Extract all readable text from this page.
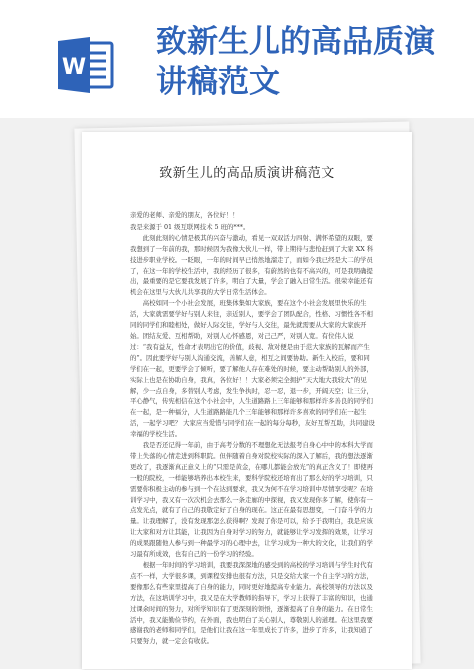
W
致新生儿的高品质演讲稿范文
致新生儿的高品质演讲稿范文

亲爱的老师、亲爱的朋友，各位好！！

我是来源于 01 级互联网技术 5 班的***。

此刻此刻的心情是极其的兴奋与激动，看见一双双活力四射、满怀希望的双眼，要我想到了一年前的我，那时候因为我像大伙儿一样，带上期待与悲怆赶到了大家 XX 科技进步职业学校。一眨眼，一年的时间早已悄然地溜走了，而如今我已经是大二的学员了，在这一年的学校生活中，我的经历了很多，有蔚然的也有不高兴的，可是我明确提出，最重要的是它要我发展了许多，明白了大量，学会了融入日常生活。很荣幸能还有机会在这里与大伙儿共享我的大学日常生活体会。

高校如同一个小社会发展，班集体集如大家族，要在这个小社会发展里快乐的生活，大家就需要学好与别人来往，亲近别人，要学会了团队配合，性格、习惯性各不相同的同学们和睦相处，做好人际交往，学好与人交往，最先就需要从大家的大家族开始。团结友爱、互相帮助，对别人心怀感恩，对己己严，对别人宽。有位伟人说过：“我有益友，性命才表明出它的价值，歧视、敌对便是由于范大家族的瓦解而产生的”。因此要学好与别人沟通交流，善解人意，相互之间要协助。新生入校后，要和同学们在一起，更要学会了倾听，要了解他人存在难处的时候，要主动帮助别人的外部，实际上也是在协助自身，我真，各位好！！大家必须完全拥护“天大地大我较大”的见解，少一点自身，多替别人考虑，发生争执时，忍一忍，退一步，开阔天空；让三分，平心静气，传宪相信在这个小社会中，人生道路路上三年能够和那样许多善良的同学们在一起，是一种福分，人生道路路能几个三年能够和那样许多喜欢的同学们在一起生活，一起学习吧？ 大家应当爱惜与同学们在一起的每分每秒，友好互帮互助，共同建设幸福的学校生活。

我是否还记得一年前，由于高考分数的不理想化无法报考自身心中中的本科大学而带上失落的心情走进到科职院。但伴随着自身对院校实际的深入了解后，我的想法逐渐更改了，我逐渐真正意义上的“只需是黄金，在哪儿都能会放光”的真正含义了！即使再一般的院校，一样能够培养出本校生来，要科学院校还培育出了那么好的学习培训，只需要你积极主动的参与到一个在达到要求，我又为何不在学习培训中尽情享受呢？在培训学习中，我又有一次次机会去那么一条走廊的中探视，我又发现你多了解，使你有一点发光点，就有了自己的我敬定好了自身的现在。这正在最有思想变，一门奋斗学的力量。让我理解了，没有发现那怎么获得啊？发现了你是可以，给予于我明白，我是应该让大家和对方让其能，让我因为自身对学习的努力，就能够让学习发挥的效果，让学习的成果跟随他人参与到一种最学习的心理中去，让学习成为一种大的文化，让我们的学习最有所成效，也有自己的一份学习的经验。

根据一年时间的学习培训，我要我深深地的感受到的高校的学习培训与学生时代有点不一样，大学很多课，到课程安排也很有方法，只是交给大家一个自主学习的方法，要像那么有些家里提高了自身的能力，同时更好地提高专业能力。高校领导的方法以及方法，在这培训学习中，我又是在大学教师的指导下，学习上获得了丰富的知识，也通过课余时间的努力，对所学知识有了更深刻的领悟，逐渐提高了自身的能力。在日常生活中，我又能勤俭节约，在外面，我也明白了关心别人，尊敬别人的道理。在这里我要感谢我的老师和同学们，是他们让我在这一年里成长了许多，进步了许多，让我知道了只要努力，就一定会有收获。
